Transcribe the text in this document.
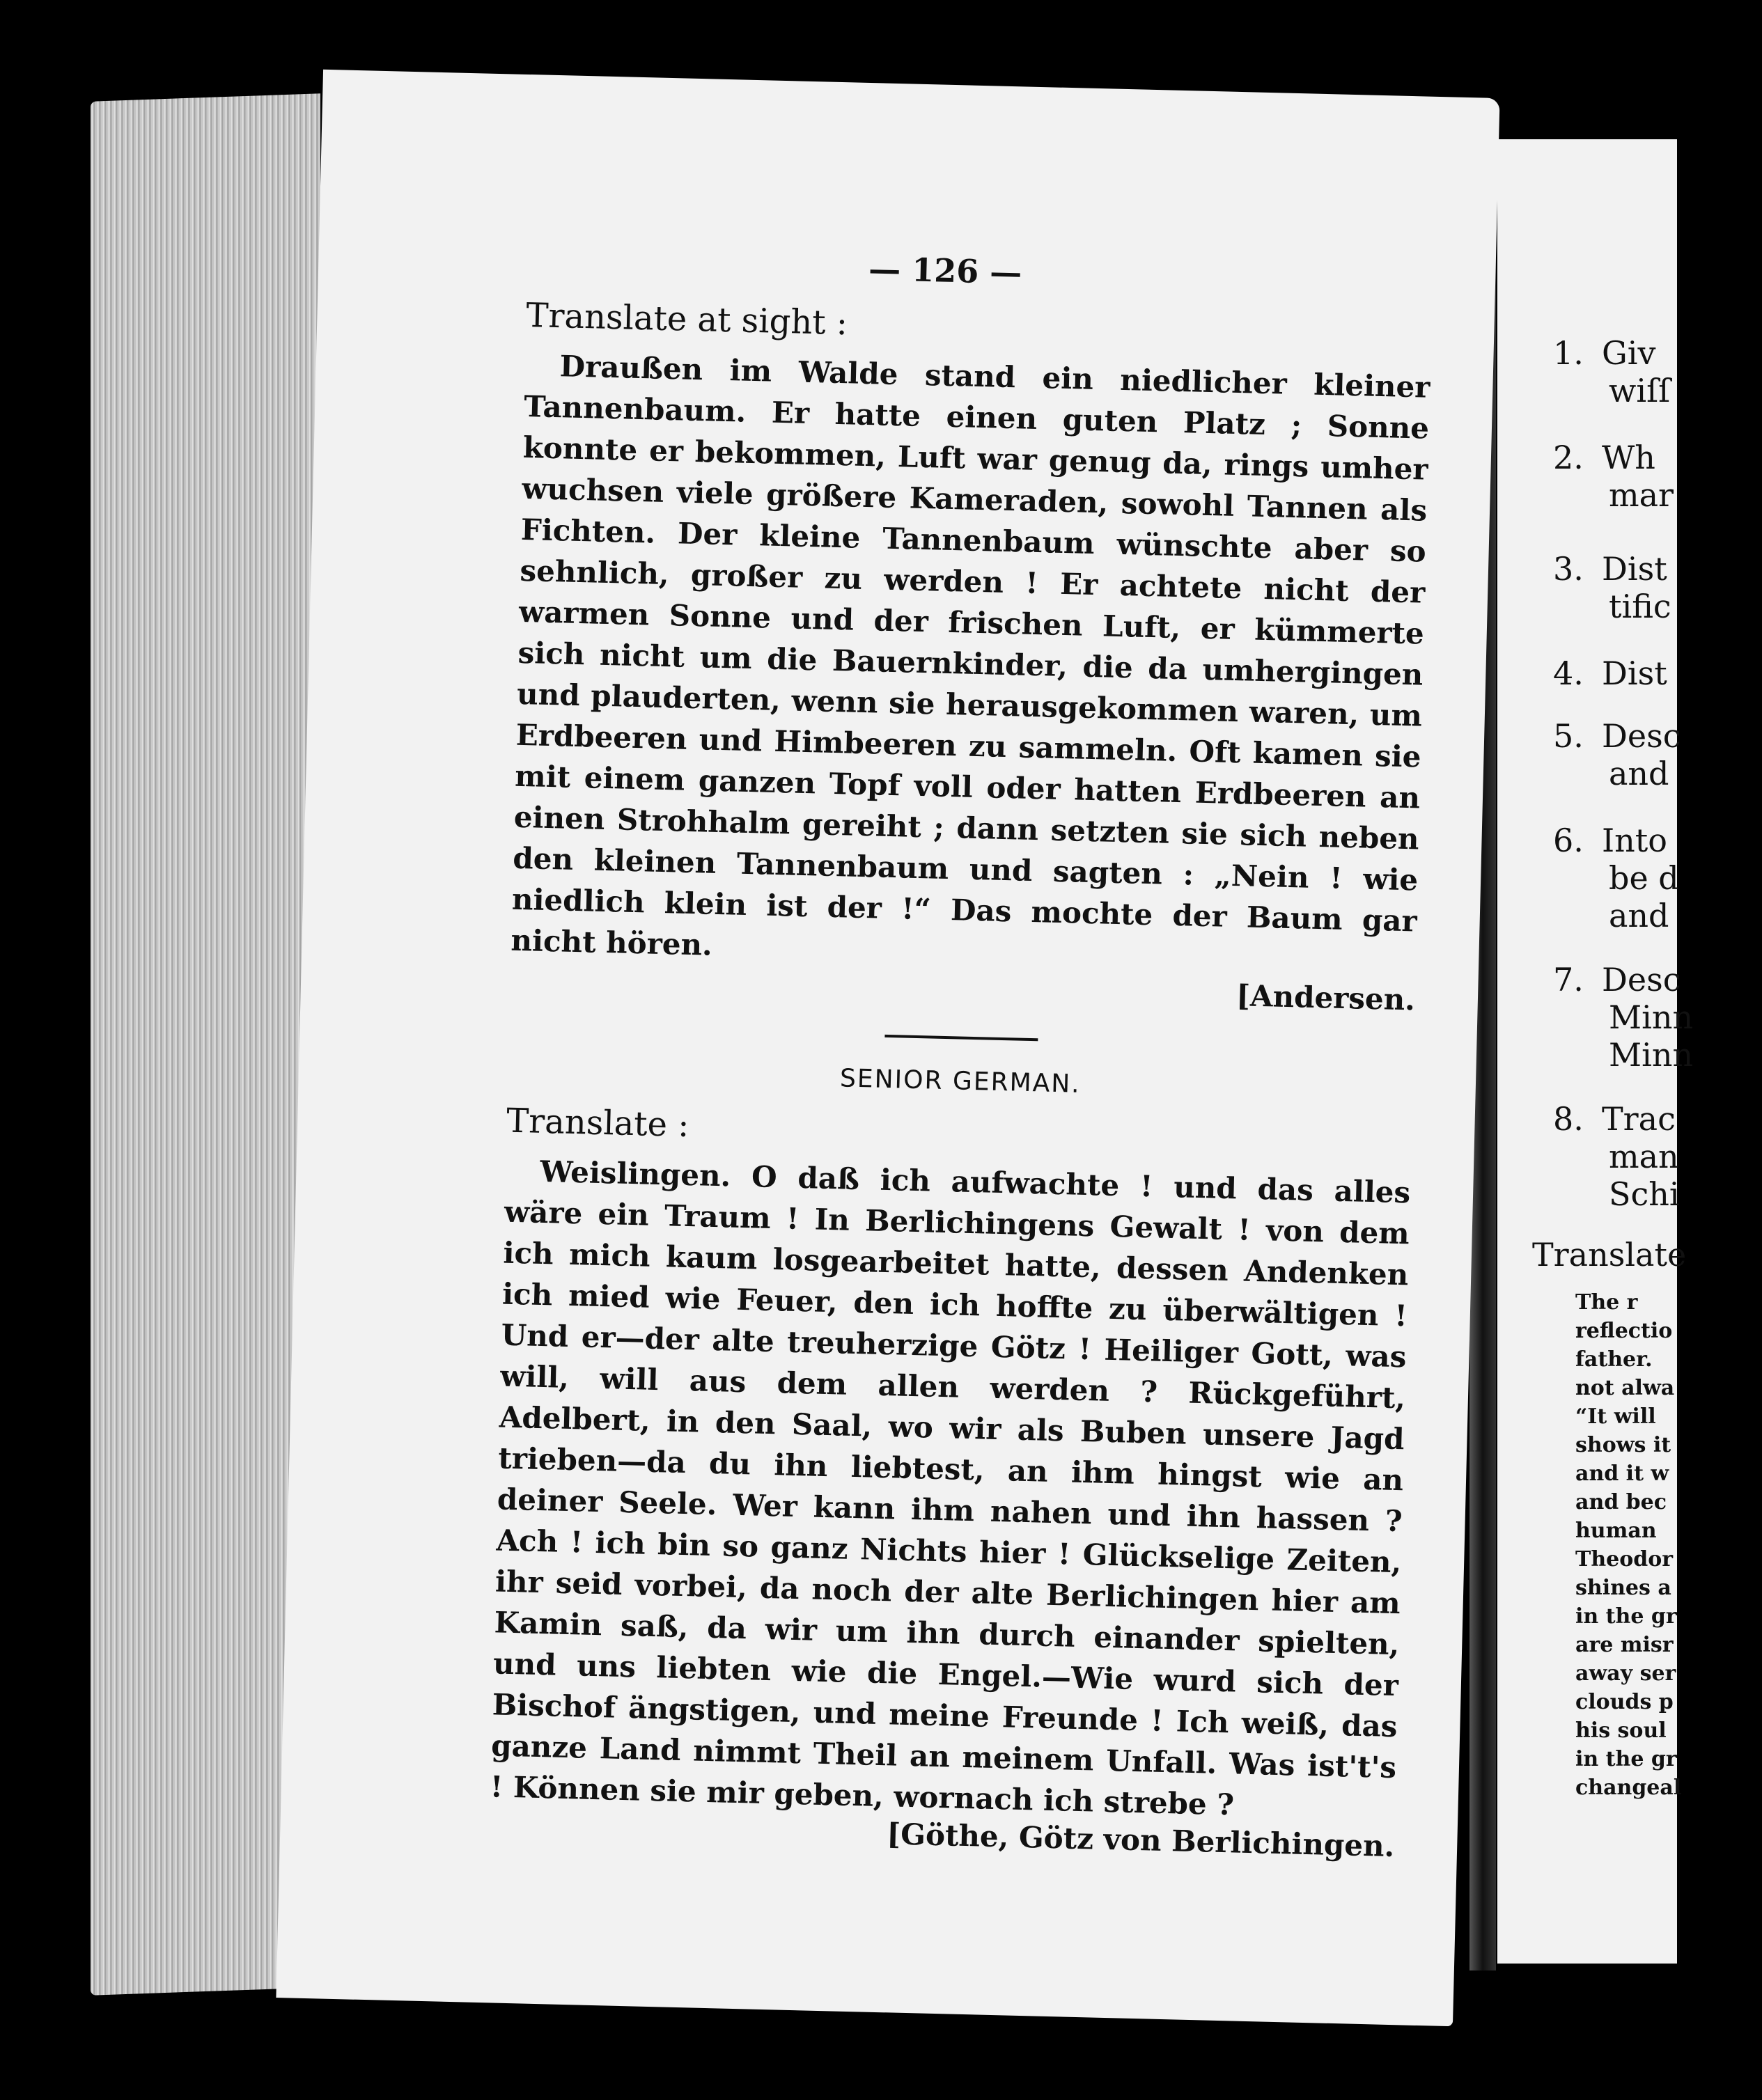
— 126 —
Translate at sight :

Draußen im Walde stand ein niedlicher kleiner Tannenbaum. Er hatte einen guten Platz ; Sonne konnte er bekommen, Luft war genug da, rings umher wuchsen viele größere Kameraden, sowohl Tannen als Fichten. Der kleine Tannenbaum wünschte aber so sehnlich, großer zu werden ! Er achtete nicht der warmen Sonne und der frischen Luft, er kümmerte sich nicht um die Bauernkinder, die da umhergingen und plauderten, wenn sie herausgekommen waren, um Erdbeeren und Himbeeren zu sammeln. Oft kamen sie mit einem ganzen Topf voll oder hatten Erdbeeren an einen Strohhalm gereiht ; dann setzten sie sich neben den kleinen Tannenbaum und sagten : „Nein ! wie niedlich klein ist der !“ Das mochte der Baum gar nicht hören.

[Andersen.
SENIOR GERMAN.
Translate :

Weislingen. O daß ich aufwachte ! und das alles wäre ein Traum ! In Berlichingens Gewalt ! von dem ich mich kaum losgearbeitet hatte, dessen Andenken ich mied wie Feuer, den ich hoffte zu überwältigen ! Und er—der alte treuherzige Götz ! Heiliger Gott, was will, will aus dem allen werden ? Rückgeführt, Adelbert, in den Saal, wo wir als Buben unsere Jagd trieben—da du ihn liebtest, an ihm hingst wie an deiner Seele. Wer kann ihm nahen und ihn hassen ? Ach ! ich bin so ganz Nichts hier ! Glückselige Zeiten, ihr seid vorbei, da noch der alte Berlichingen hier am Kamin saß, da wir um ihn durch einander spielten, und uns liebten wie die Engel.—Wie wurd sich der Bischof ängstigen, und meine Freunde ! Ich weiß, das ganze Land nimmt Theil an meinem Unfall. Was ist't's ! Können sie mir geben, wornach ich strebe ?

[Göthe, Götz von Berlichingen.
1. Giv
wiſſ
2. Wh
mar
3. Dist
tific
4. Dist
5. Desc
and
6. Into
be d
and
7. Desc
Minn
Minn
8. Trac
man
Schi
Translate
The r
reflectio
father.
not alwa
“It will
shows it
and it w
and bec
human
Theodor
shines a
in the gr
are misr
away ser
clouds p
his soul
in the gr
changeal
